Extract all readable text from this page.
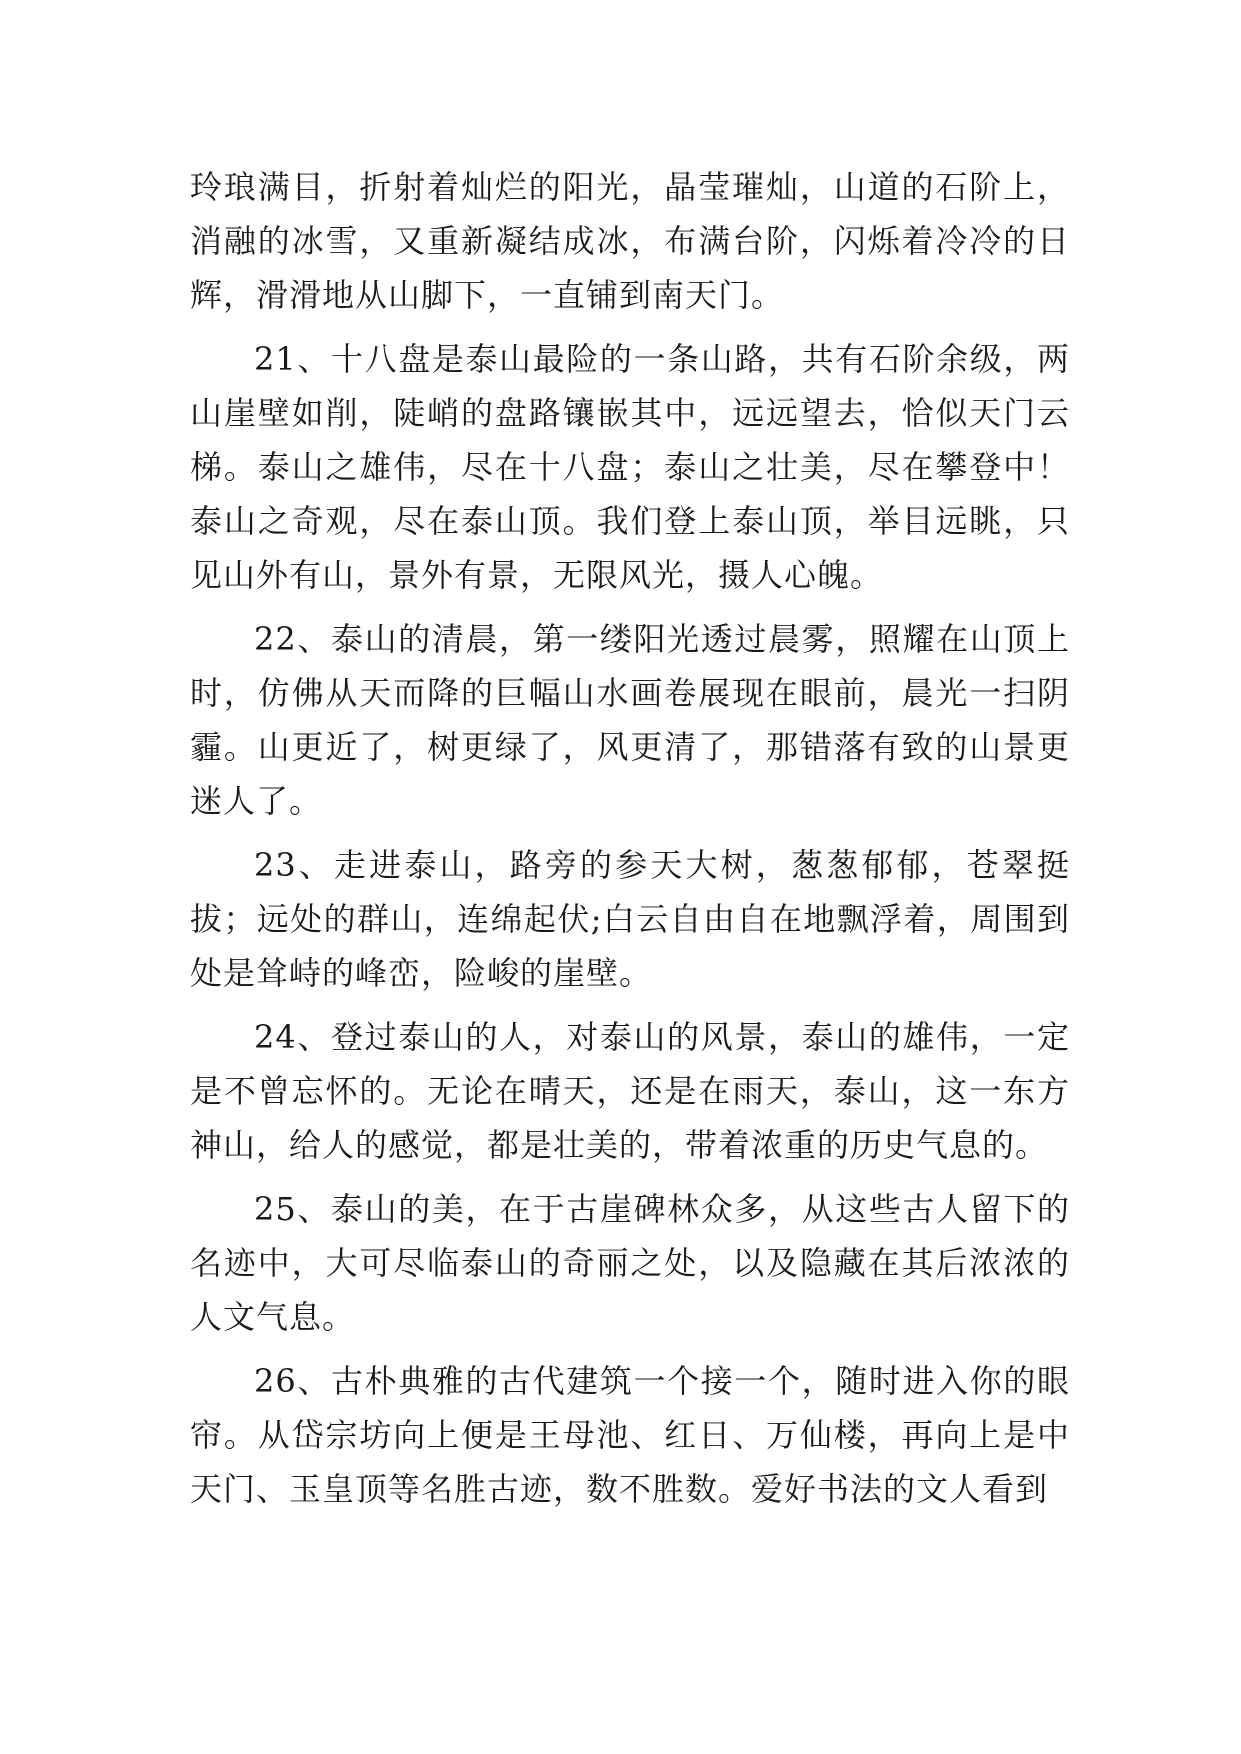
玲琅满目，折射着灿烂的阳光，晶莹璀灿，山道的石阶上，消融的冰雪，又重新凝结成冰，布满台阶，闪烁着冷冷的日辉，滑滑地从山脚下，一直铺到南天门。

21、十八盘是泰山最险的一条山路，共有石阶余级，两山崖壁如削，陡峭的盘路镶嵌其中，远远望去，恰似天门云梯。泰山之雄伟，尽在十八盘；泰山之壮美，尽在攀登中！泰山之奇观，尽在泰山顶。我们登上泰山顶，举目远眺，只见山外有山，景外有景，无限风光，摄人心魄。

22、泰山的清晨，第一缕阳光透过晨雾，照耀在山顶上时，仿佛从天而降的巨幅山水画卷展现在眼前，晨光一扫阴霾。山更近了，树更绿了，风更清了，那错落有致的山景更迷人了。

23、走进泰山，路旁的参天大树，葱葱郁郁，苍翠挺拔；远处的群山，连绵起伏;白云自由自在地飘浮着，周围到处是耸峙的峰峦，险峻的崖壁。

24、登过泰山的人，对泰山的风景，泰山的雄伟，一定是不曾忘怀的。无论在晴天，还是在雨天，泰山，这一东方神山，给人的感觉，都是壮美的，带着浓重的历史气息的。

25、泰山的美，在于古崖碑林众多，从这些古人留下的名迹中，大可尽临泰山的奇丽之处，以及隐藏在其后浓浓的人文气息。

26、古朴典雅的古代建筑一个接一个，随时进入你的眼帘。从岱宗坊向上便是王母池、红日、万仙楼，再向上是中天门、玉皇顶等名胜古迹，数不胜数。爱好书法的文人看到
